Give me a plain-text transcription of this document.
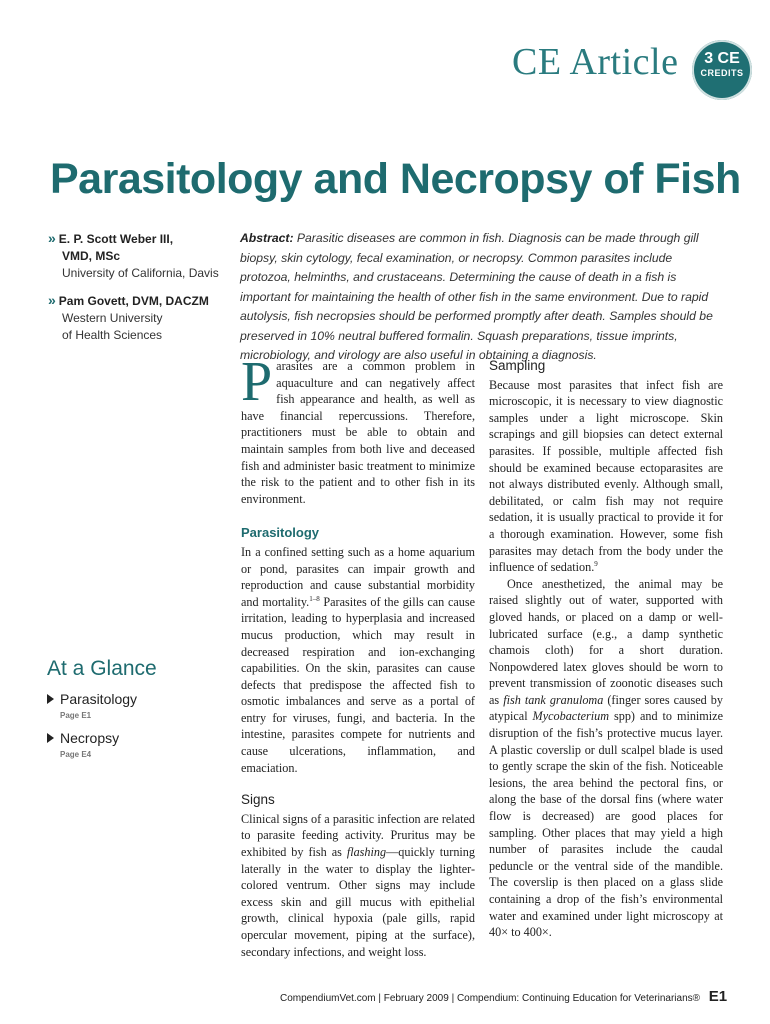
CE Article	3 CE
CREDITS
Parasitology and Necropsy of Fish
» E. P. Scott Weber III,
VMD, MSc
University of California, Davis
» Pam Govett, DVM, DACZM
Western University
of Health Sciences
Abstract: Parasitic diseases are common in fish. Diagnosis can be made through gill biopsy, skin cytology, fecal examination, or necropsy. Common parasites include protozoa, helminths, and crustaceans. Determining the cause of death in a fish is important for maintaining the health of other fish in the same environment. Due to rapid autolysis, fish necropsies should be performed promptly after death. Samples should be preserved in 10% neutral buffered formalin. Squash preparations, tissue imprints, microbiology, and virology are also useful in obtaining a diagnosis.

Parasites are a common problem in aquaculture and can negatively affect fish appearance and health, as well as have financial repercussions. Therefore, practitioners must be able to obtain and maintain samples from both live and deceased fish and administer basic treatment to minimize the risk to the patient and to other fish in its environment.

Parasitology

In a confined setting such as a home aquarium or pond, parasites can impair growth and reproduction and cause substantial morbidity and mortality.$^{1-8}$ Parasites of the gills can cause irritation, leading to hyperplasia and increased mucus production, which may result in decreased respiration and ion-exchanging capabilities. On the skin, parasites can cause defects that predispose the affected fish to osmotic imbalances and serve as a portal of entry for viruses, fungi, and bacteria. In the intestine, parasites compete for nutrients and cause ulcerations, inflammation, and emaciation.

Signs

Clinical signs of a parasitic infection are related to parasite feeding activity. Pruritus may be exhibited by fish as flashing—quickly turning laterally in the water to display the lighter-colored ventrum. Other signs may include excess skin and gill mucus with epithelial growth, clinical hypoxia (pale gills, rapid opercular movement, piping at the surface), secondary infections, and weight loss.

Sampling

Because most parasites that infect fish are microscopic, it is necessary to view diagnostic samples under a light microscope. Skin scrapings and gill biopsies can detect external parasites. If possible, multiple affected fish should be examined because ectoparasites are not always distributed evenly. Although small, debilitated, or calm fish may not require sedation, it is usually practical to provide it for a thorough examination. However, some fish parasites may detach from the body under the influence of sedation.$^9$

Once anesthetized, the animal may be raised slightly out of water, supported with gloved hands, or placed on a damp or well-lubricated surface (e.g., a damp synthetic chamois cloth) for a short duration. Nonpowdered latex gloves should be worn to prevent transmission of zoonotic diseases such as fish tank granuloma (finger sores caused by atypical Mycobacterium spp) and to minimize disruption of the fish’s protective mucus layer. A plastic coverslip or dull scalpel blade is used to gently scrape the skin of the fish. Noticeable lesions, the area behind the pectoral fins, or along the base of the dorsal fins (where water flow is decreased) are good places for sampling. Other places that may yield a high number of parasites include the caudal peduncle or the ventral side of the mandible. The coverslip is then placed on a glass slide containing a drop of the fish’s environmental water and examined under light microscopy at 40× to 400×.

At a Glance
Parasitology
Page E1
Necropsy
Page E4
CompendiumVet.com | February 2009 | Compendium: Continuing Education for Veterinarians® E1
